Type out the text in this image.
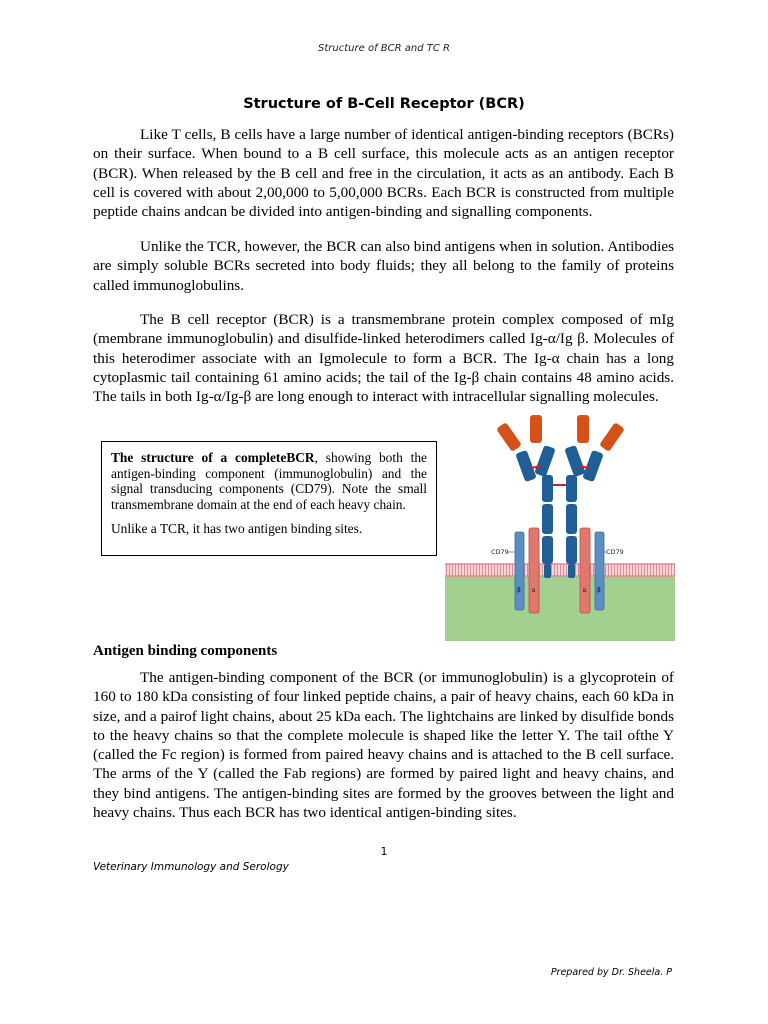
Structure of BCR and TC R
Structure of B-Cell Receptor (BCR)

Like T cells, B cells have a large number of identical antigen-binding receptors (BCRs) on their surface. When bound to a B cell surface, this molecule acts as an antigen receptor (BCR). When released by the B cell and free in the circulation, it acts as an antibody. Each B cell is covered with about 2,00,000 to 5,00,000 BCRs. Each BCR is constructed from multiple peptide chains andcan be divided into antigen-binding and signalling components.

Unlike the TCR, however, the BCR can also bind antigens when in solution. Antibodies are simply soluble BCRs secreted into body fluids; they all belong to the family of proteins called immunoglobulins.

The B cell receptor (BCR) is a transmembrane protein complex composed of mIg (membrane immunoglobulin) and disulfide-linked heterodimers called Ig-α/Ig β. Molecules of this heterodimer associate with an Igmolecule to form a BCR. The Ig-α chain has a long cytoplasmic tail containing 61 amino acids; the tail of the Ig-β chain contains 48 amino acids. The tails in both Ig-α/Ig-β are long enough to interact with intracellular signalling molecules.

The structure of a completeBCR, showing both the antigen-binding component (immunoglobulin) and the signal transducing components (CD79). Note the small transmembrane domain at the end of each heavy chain.

Unlike a TCR, it has two antigen binding sites.

CD79	CD79
β α	α β
Antigen binding components

The antigen-binding component of the BCR (or immunoglobulin) is a glycoprotein of 160 to 180 kDa consisting of four linked peptide chains, a pair of heavy chains, each 60 kDa in size, and a pairof light chains, about 25 kDa each. The lightchains are linked by disulfide bonds to the heavy chains so that the complete molecule is shaped like the letter Y. The tail ofthe Y (called the Fc region) is formed from paired heavy chains and is attached to the B cell surface. The arms of the Y (called the Fab regions) are formed by paired light and heavy chains, and they bind antigens. The antigen-binding sites are formed by the grooves between the light and heavy chains. Thus each BCR has two identical antigen-binding sites.

1
Veterinary Immunology and Serology
Prepared by Dr. Sheela. P
